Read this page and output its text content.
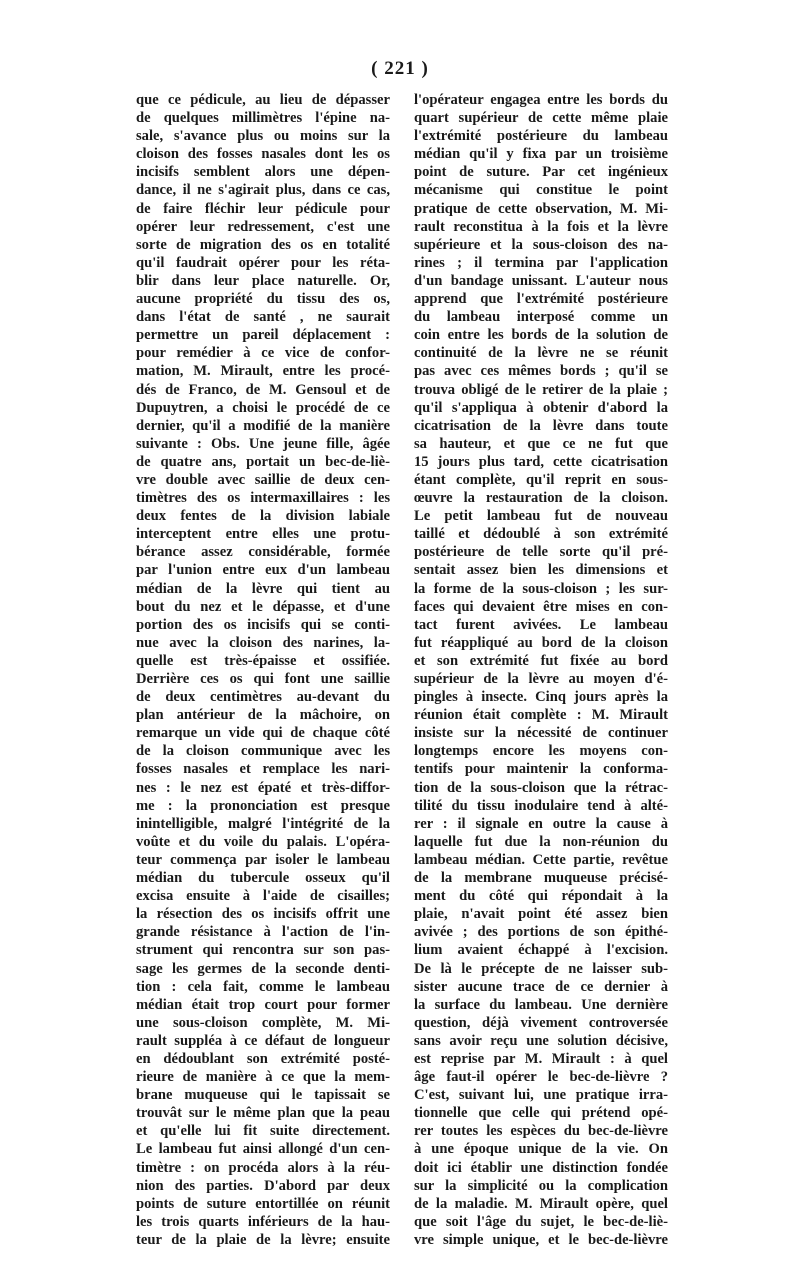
( 221 )
que ce pédicule, au lieu de dépasser
de quelques millimètres l'épine na-
sale, s'avance plus ou moins sur la
cloison des fosses nasales dont les os
incisifs semblent alors une dépen-
dance, il ne s'agirait plus, dans ce cas,
de faire fléchir leur pédicule pour
opérer leur redressement, c'est une
sorte de migration des os en totalité
qu'il faudrait opérer pour les réta-
blir dans leur place naturelle. Or,
aucune propriété du tissu des os,
dans l'état de santé , ne saurait
permettre un pareil déplacement :
pour remédier à ce vice de confor-
mation, M. Mirault, entre les procé-
dés de Franco, de M. Gensoul et de
Dupuytren, a choisi le procédé de ce
dernier, qu'il a modifié de la manière
suivante : Obs. Une jeune fille, âgée
de quatre ans, portait un bec-de-liè-
vre double avec saillie de deux cen-
timètres des os intermaxillaires : les
deux fentes de la division labiale
interceptent entre elles une protu-
bérance assez considérable, formée
par l'union entre eux d'un lambeau
médian de la lèvre qui tient au
bout du nez et le dépasse, et d'une
portion des os incisifs qui se conti-
nue avec la cloison des narines, la-
quelle est très-épaisse et ossifiée.
Derrière ces os qui font une saillie
de deux centimètres au-devant du
plan antérieur de la mâchoire, on
remarque un vide qui de chaque côté
de la cloison communique avec les
fosses nasales et remplace les nari-
nes : le nez est épaté et très-diffor-
me : la prononciation est presque
inintelligible, malgré l'intégrité de la
voûte et du voile du palais. L'opéra-
teur commença par isoler le lambeau
médian du tubercule osseux qu'il
excisa ensuite à l'aide de cisailles;
la résection des os incisifs offrit une
grande résistance à l'action de l'in-
strument qui rencontra sur son pas-
sage les germes de la seconde denti-
tion : cela fait, comme le lambeau
médian était trop court pour former
une sous-cloison complète, M. Mi-
rault suppléa à ce défaut de longueur
en dédoublant son extrémité posté-
rieure de manière à ce que la mem-
brane muqueuse qui le tapissait se
trouvât sur le même plan que la peau
et qu'elle lui fit suite directement.
Le lambeau fut ainsi allongé d'un cen-
timètre : on procéda alors à la réu-
nion des parties. D'abord par deux
points de suture entortillée on réunit
les trois quarts inférieurs de la hau-
teur de la plaie de la lèvre; ensuite
l'opérateur engagea entre les bords du
quart supérieur de cette même plaie
l'extrémité postérieure du lambeau
médian qu'il y fixa par un troisième
point de suture. Par cet ingénieux
mécanisme qui constitue le point
pratique de cette observation, M. Mi-
rault reconstitua à la fois et la lèvre
supérieure et la sous-cloison des na-
rines ; il termina par l'application
d'un bandage unissant. L'auteur nous
apprend que l'extrémité postérieure
du lambeau interposé comme un
coin entre les bords de la solution de
continuité de la lèvre ne se réunit
pas avec ces mêmes bords ; qu'il se
trouva obligé de le retirer de la plaie ;
qu'il s'appliqua à obtenir d'abord la
cicatrisation de la lèvre dans toute
sa hauteur, et que ce ne fut que
15 jours plus tard, cette cicatrisation
étant complète, qu'il reprit en sous-
œuvre la restauration de la cloison.
Le petit lambeau fut de nouveau
taillé et dédoublé à son extrémité
postérieure de telle sorte qu'il pré-
sentait assez bien les dimensions et
la forme de la sous-cloison ; les sur-
faces qui devaient être mises en con-
tact furent avivées. Le lambeau
fut réappliqué au bord de la cloison
et son extrémité fut fixée au bord
supérieur de la lèvre au moyen d'é-
pingles à insecte. Cinq jours après la
réunion était complète : M. Mirault
insiste sur la nécessité de continuer
longtemps encore les moyens con-
tentifs pour maintenir la conforma-
tion de la sous-cloison que la rétrac-
tilité du tissu inodulaire tend à alté-
rer : il signale en outre la cause à
laquelle fut due la non-réunion du
lambeau médian. Cette partie, revêtue
de la membrane muqueuse précisé-
ment du côté qui répondait à la
plaie, n'avait point été assez bien
avivée ; des portions de son épithé-
lium avaient échappé à l'excision.
De là le précepte de ne laisser sub-
sister aucune trace de ce dernier à
la surface du lambeau. Une dernière
question, déjà vivement controversée
sans avoir reçu une solution décisive,
est reprise par M. Mirault : à quel
âge faut-il opérer le bec-de-lièvre ?
C'est, suivant lui, une pratique irra-
tionnelle que celle qui prétend opé-
rer toutes les espèces du bec-de-lièvre
à une époque unique de la vie. On
doit ici établir une distinction fondée
sur la simplicité ou la complication
de la maladie. M. Mirault opère, quel
que soit l'âge du sujet, le bec-de-liè-
vre simple unique, et le bec-de-lièvre
